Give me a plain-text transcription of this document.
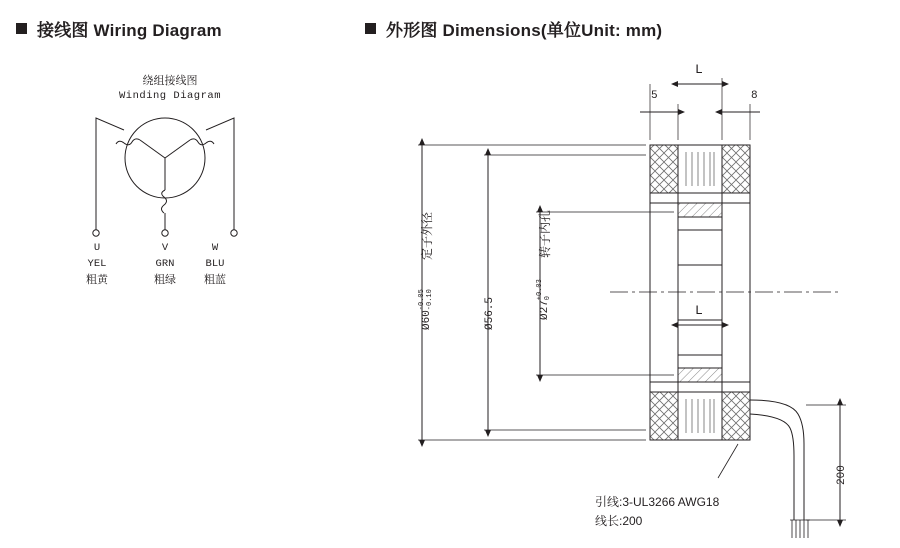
接线图 Wiring Diagram
绕组接线图
Winding Diagram
U
YEL
粗黄
V
GRN
粗绿
W
BLU
粗蓝
外形图 Dimensions(单位Unit: mm)
5
L
8
L
Ø60
-0.05 -0.10
定子外径
Ø56.5	Ø27
+0.03 0
转子内孔
200
引线:3-UL3266 AWG18
线长:200
